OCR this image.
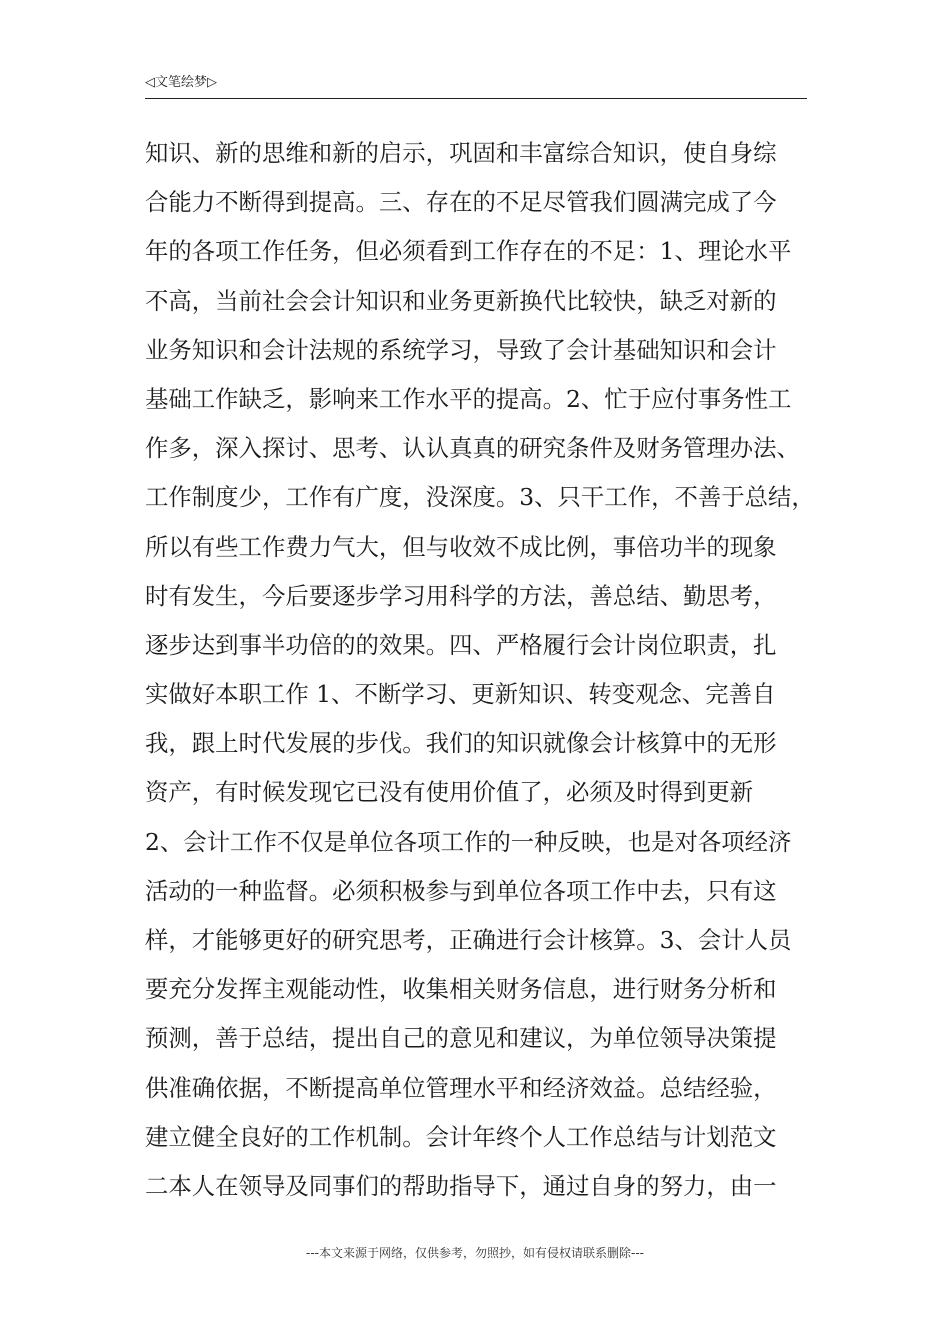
◁文笔绘梦▷
知识、新的思维和新的启示，巩固和丰富综合知识，使自身综
合能力不断得到提高。三、存在的不足尽管我们圆满完成了今
年的各项工作任务，但必须看到工作存在的不足：1、理论水平
不高，当前社会会计知识和业务更新换代比较快，缺乏对新的
业务知识和会计法规的系统学习，导致了会计基础知识和会计
基础工作缺乏，影响来工作水平的提高。2、忙于应付事务性工
作多，深入探讨、思考、认认真真的研究条件及财务管理办法、
工作制度少，工作有广度，没深度。3、只干工作，不善于总结，
所以有些工作费力气大，但与收效不成比例，事倍功半的现象
时有发生，今后要逐步学习用科学的方法，善总结、勤思考，
逐步达到事半功倍的的效果。四、严格履行会计岗位职责，扎
实做好本职工作 1、不断学习、更新知识、转变观念、完善自
我，跟上时代发展的步伐。我们的知识就像会计核算中的无形
资产，有时候发现它已没有使用价值了，必须及时得到更新
2、会计工作不仅是单位各项工作的一种反映，也是对各项经济
活动的一种监督。必须积极参与到单位各项工作中去，只有这
样，才能够更好的研究思考，正确进行会计核算。3、会计人员
要充分发挥主观能动性，收集相关财务信息，进行财务分析和
预测，善于总结，提出自己的意见和建议，为单位领导决策提
供准确依据，不断提高单位管理水平和经济效益。总结经验，
建立健全良好的工作机制。会计年终个人工作总结与计划范文
二本人在领导及同事们的帮助指导下，通过自身的努力，由一
---本文来源于网络，仅供参考，勿照抄，如有侵权请联系删除---
